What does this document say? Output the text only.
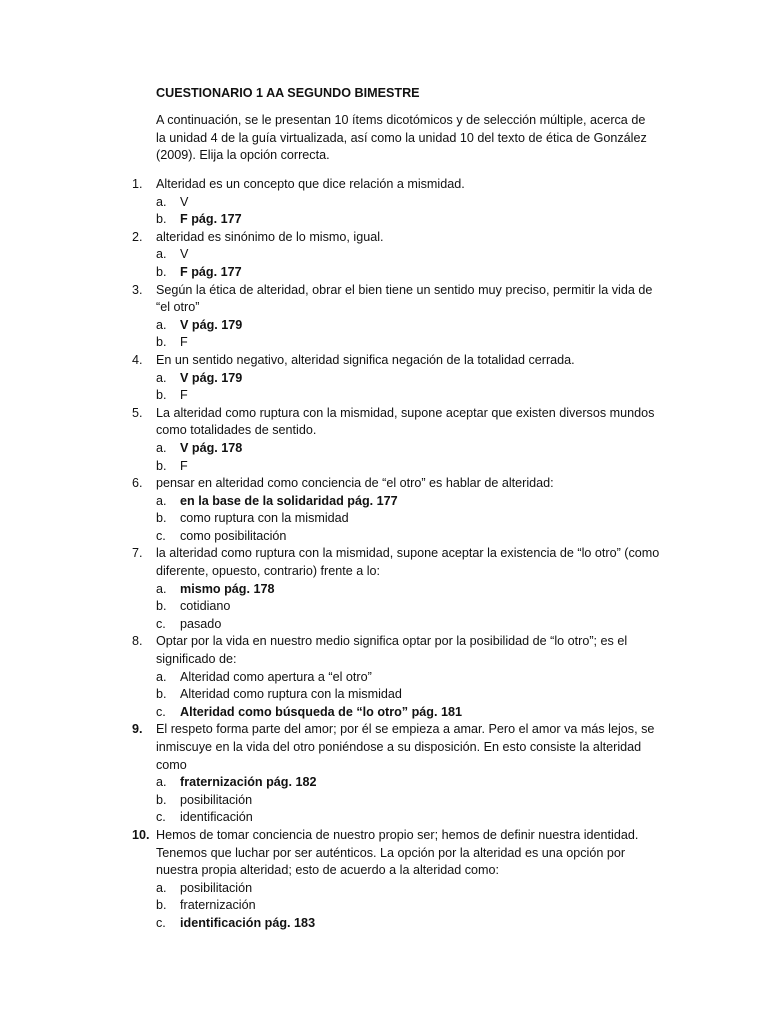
CUESTIONARIO 1 AA SEGUNDO BIMESTRE
A continuación, se le presentan 10 ítems dicotómicos y de selección múltiple, acerca de la unidad 4 de la guía virtualizada, así como la unidad 10 del texto de ética de González (2009). Elija la opción correcta.
1.	Alteridad es un concepto que dice relación a mismidad.
a.	V
b.	F pág. 177
2.	alteridad es sinónimo de lo mismo, igual.
a.	V
b.	F pág. 177
3.	Según la ética de alteridad, obrar el bien tiene un sentido muy preciso, permitir la vida de “el otro”
a.	V pág. 179
b.	F
4.	En un sentido negativo, alteridad significa negación de la totalidad cerrada.
a.	V pág. 179
b.	F
5.	La alteridad como ruptura con la mismidad, supone aceptar que existen diversos mundos como totalidades de sentido.
a.	V pág. 178
b.	F
6.	pensar en alteridad como conciencia de “el otro” es hablar de alteridad:
a.	en la base de la solidaridad pág. 177
b.	como ruptura con la mismidad
c.	como posibilitación
7.	la alteridad como ruptura con la mismidad, supone aceptar la existencia de “lo otro” (como diferente, opuesto, contrario) frente a lo:
a.	mismo pág. 178
b.	cotidiano
c.	pasado
8.	Optar por la vida en nuestro medio significa optar por la posibilidad de “lo otro”; es el significado de:
a.	Alteridad como apertura a “el otro”
b.	Alteridad como ruptura con la mismidad
c.	Alteridad como búsqueda de “lo otro” pág. 181
9.	El respeto forma parte del amor; por él se empieza a amar. Pero el amor va más lejos, se inmiscuye en la vida del otro poniéndose a su disposición. En esto consiste la alteridad como
a.	fraternización pág. 182
b.	posibilitación
c.	identificación
10. Hemos de tomar conciencia de nuestro propio ser; hemos de definir nuestra identidad. Tenemos que luchar por ser auténticos. La opción por la alteridad es una opción por nuestra propia alteridad; esto de acuerdo a la alteridad como:
a.	posibilitación
b.	fraternización
c.	identificación pág. 183
